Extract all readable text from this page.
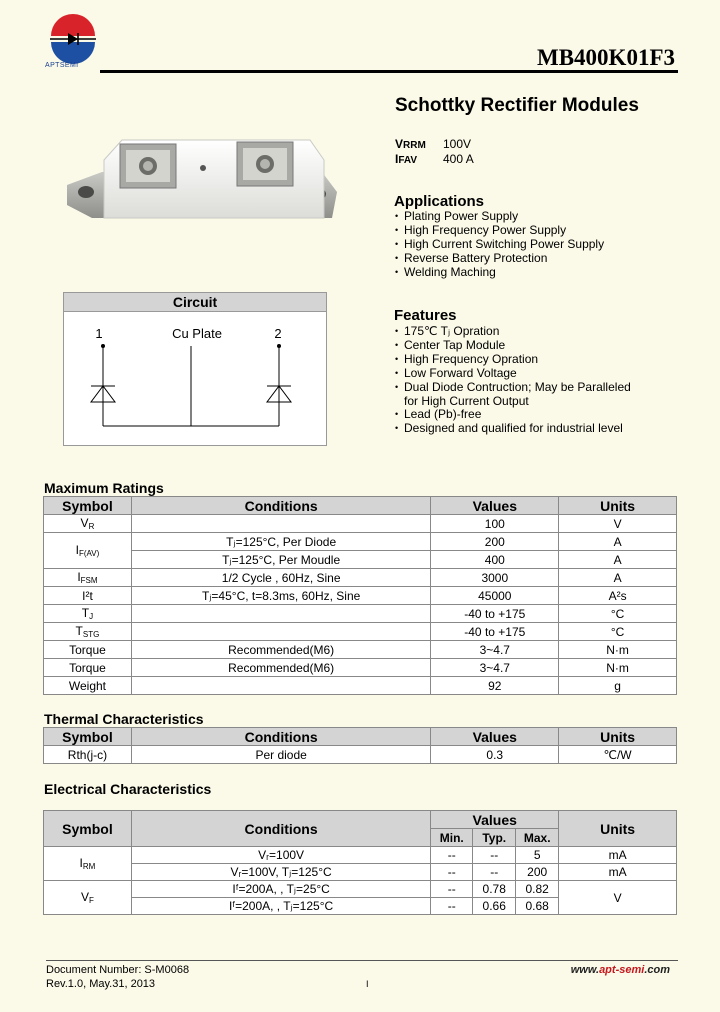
APTSEMI	MB400K01F3
Schottky Rectifier Modules
VRRM	100V
IFAV	400 A
Applications
• Plating Power Supply
• High Frequency Power Supply
• High Current Switching Power Supply
• Reverse Battery Protection
• Welding Maching
Features
• 175℃ Tⱼ Opration
• Center Tap Module
• High Frequency Opration
• Low Forward Voltage
• Dual Diode Contruction; May be Paralleled
for High Current Output
• Lead (Pb)-free
• Designed and qualified for industrial level
Circuit
1	Cu Plate	2
Maximum Ratings
Symbol	Conditions	Values	Units
$V_R$		100	V
$I_{F(AV)}$	Tⱼ=125°C, Per Diode	200	A
	Tⱼ=125°C, Per Moudle	400	A
$I_{FSM}$	1/2 Cycle , 60Hz, Sine	3000	A
I²t	Tⱼ=45°C, t=8.3ms, 60Hz, Sine	45000	A²s
$T_J$		-40 to +175	°C
$T_{STG}$		-40 to +175	°C
Torque	Recommended(M6)	3~4.7	N·m
Torque	Recommended(M6)	3~4.7	N·m
Weight		92	g
Thermal Characteristics
Symbol	Conditions	Values	Units
Rth(j-c)	Per diode	0.3	℃/W
Electrical Characteristics
Symbol	Conditions	Values			Units
		Min.	Typ.	Max.	
$I_{RM}$	Vᵣ=100V	--	--	5	mA
	Vᵣ=100V, Tⱼ=125°C	--	--	200	mA
$V_F$	Iᶠ=200A, , Tⱼ=25°C	--	0.78	0.82	V
	Iᶠ=200A, , Tⱼ=125°C	--	0.66	0.68	
Document Number: S-M0068
Rev.1.0, May.31, 2013	I
www.apt-semi.com
